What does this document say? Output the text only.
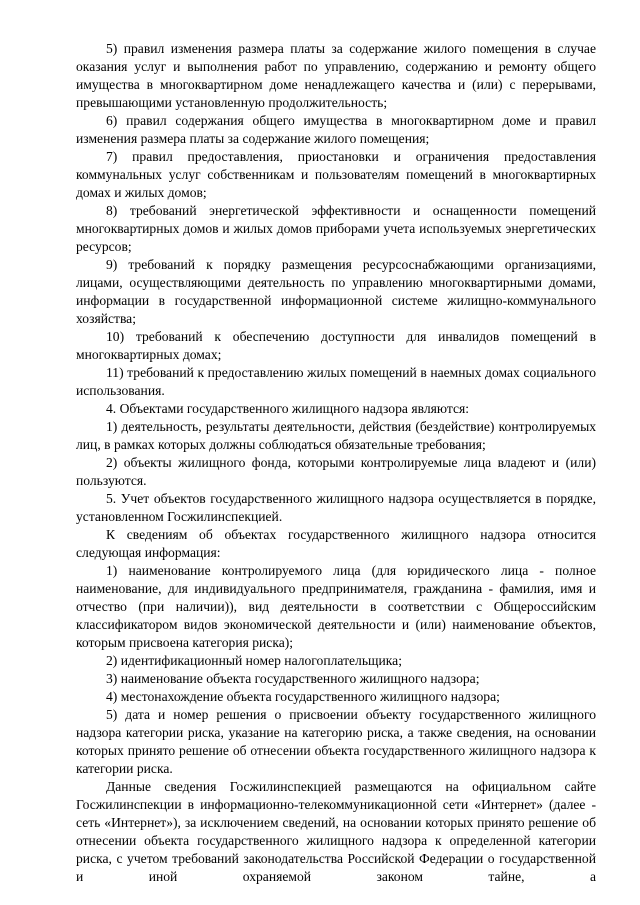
5) правил изменения размера платы за содержание жилого помещения в случае оказания услуг и выполнения работ по управлению, содержанию и ремонту общего имущества в многоквартирном доме ненадлежащего качества и (или) с перерывами, превышающими установленную продолжительность;

6) правил содержания общего имущества в многоквартирном доме и правил изменения размера платы за содержание жилого помещения;

7) правил предоставления, приостановки и ограничения предоставления коммунальных услуг собственникам и пользователям помещений в многоквартирных домах и жилых домов;

8) требований энергетической эффективности и оснащенности помещений многоквартирных домов и жилых домов приборами учета используемых энергетических ресурсов;

9) требований к порядку размещения ресурсоснабжающими организациями, лицами, осуществляющими деятельность по управлению многоквартирными домами, информации в государственной информационной системе жилищно-коммунального хозяйства;

10) требований к обеспечению доступности для инвалидов помещений в многоквартирных домах;

11) требований к предоставлению жилых помещений в наемных домах социального использования.

4. Объектами государственного жилищного надзора являются:

1) деятельность, результаты деятельности, действия (бездействие) контролируемых лиц, в рамках которых должны соблюдаться обязательные требования;

2) объекты жилищного фонда, которыми контролируемые лица владеют и (или) пользуются.

5. Учет объектов государственного жилищного надзора осуществляется в порядке, установленном Госжилинспекцией.

К сведениям об объектах государственного жилищного надзора относится следующая информация:

1) наименование контролируемого лица (для юридического лица - полное наименование, для индивидуального предпринимателя, гражданина - фамилия, имя и отчество (при наличии)), вид деятельности в соответствии с Общероссийским классификатором видов экономической деятельности и (или) наименование объектов, которым присвоена категория риска);

2) идентификационный номер налогоплательщика;

3) наименование объекта государственного жилищного надзора;

4) местонахождение объекта государственного жилищного надзора;

5) дата и номер решения о присвоении объекту государственного жилищного надзора категории риска, указание на категорию риска, а также сведения, на основании которых принято решение об отнесении объекта государственного жилищного надзора к категории риска.

Данные сведения Госжилинспекцией размещаются на официальном сайте Госжилинспекции в информационно-телекоммуникационной сети «Интернет» (далее - сеть «Интернет»), за исключением сведений, на основании которых принято решение об отнесении объекта государственного жилищного надзора к определенной категории риска, с учетом требований законодательства Российской Федерации о государственной и иной охраняемой законом тайне, а
